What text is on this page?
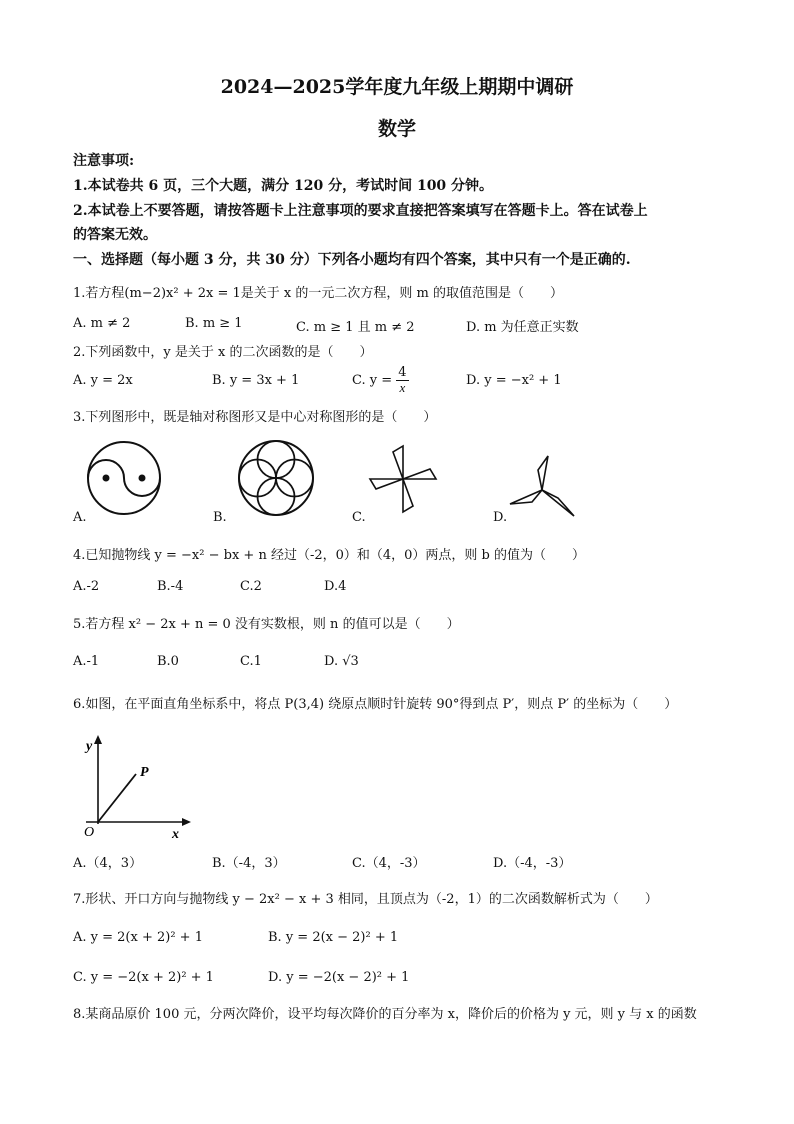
2024—2025学年度九年级上期期中调研
数学
注意事项:
1.本试卷共 6 页，三个大题，满分 120 分，考试时间 100 分钟。
2.本试卷上不要答题，请按答题卡上注意事项的要求直接把答案填写在答题卡上。答在试卷上
的答案无效。
一、选择题（每小题 3 分，共 30 分）下列各小题均有四个答案，其中只有一个是正确的.
1.若方程(m−2)x² + 2x = 1是关于 x 的一元二次方程，则 m 的取值范围是（　　）
A. m ≠ 2	B. m ≥ 1	C. m ≥ 1 且 m ≠ 2	D. m 为任意正实数
2.下列函数中，y 是关于 x 的二次函数的是（　　）
A. y = 2x	B. y = 3x + 1	C. $y = \frac{4}{x}$	D. y = −x² + 1
3.下列图形中，既是轴对称图形又是中心对称图形的是（　　）
A.	B.	C.	D.
4.已知抛物线 y = −x² − bx + n 经过（-2，0）和（4，0）两点，则 b 的值为（　　）
A.-2	B.-4	C.2	D.4
5.若方程 x² − 2x + n = 0 没有实数根，则 n 的值可以是（　　）
A.-1	B.0	C.1	D. √3
6.如图，在平面直角坐标系中，将点 P(3,4) 绕原点顺时针旋转 90°得到点 P′，则点 P′ 的坐标为（　　）
y
x
O
P
A.（4，3）	B.（-4，3）	C.（4，-3）	D.（-4，-3）
7.形状、开口方向与抛物线 y − 2x² − x + 3 相同，且顶点为（-2，1）的二次函数解析式为（　　）
A. y = 2(x + 2)² + 1	B. y = 2(x − 2)² + 1
C. y = −2(x + 2)² + 1	D. y = −2(x − 2)² + 1
8.某商品原价 100 元，分两次降价，设平均每次降价的百分率为 x，降价后的价格为 y 元，则 y 与 x 的函数
